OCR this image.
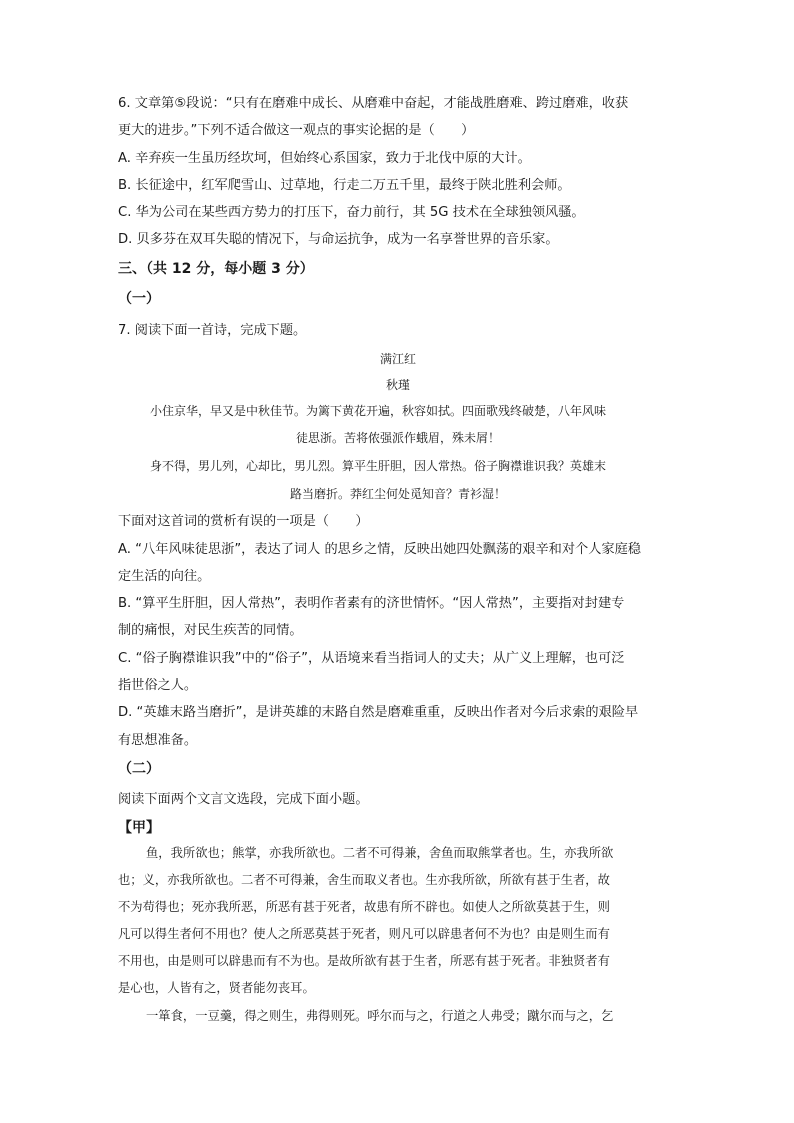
6. 文章第⑤段说：“只有在磨难中成长、从磨难中奋起，才能战胜磨难、跨过磨难，收获
更大的进步。”下列不适合做这一观点的事实论据的是（　　）
A. 辛弃疾一生虽历经坎坷，但始终心系国家，致力于北伐中原的大计。
B. 长征途中，红军爬雪山、过草地，行走二万五千里，最终于陕北胜利会师。
C. 华为公司在某些西方势力的打压下，奋力前行，其 5G 技术在全球独领风骚。
D. 贝多芬在双耳失聪的情况下，与命运抗争，成为一名享誉世界的音乐家。
三、（共 12 分，每小题 3 分）
（一）
7. 阅读下面一首诗，完成下题。
满江红
秋瑾
小住京华，早又是中秋佳节。为篱下黄花开遍，秋容如拭。四面歌残终破楚，八年风味
徒思浙。苦将侬强派作蛾眉，殊未屑！
身不得，男儿列，心却比，男儿烈。算平生肝胆，因人常热。俗子胸襟谁识我？英雄末
路当磨折。莽红尘何处觅知音？青衫湿！
下面对这首词的赏析有误的一项是（　　）
A. “八年风味徒思浙”，表达了词人 的思乡之情，反映出她四处飘荡的艰辛和对个人家庭稳
定生活的向往。
B. “算平生肝胆，因人常热”，表明作者素有的济世情怀。“因人常热”，主要指对封建专
制的痛恨，对民生疾苦的同情。
C. “俗子胸襟谁识我”中的“俗子”，从语境来看当指词人的丈夫；从广义上理解，也可泛
指世俗之人。
D. “英雄末路当磨折”，是讲英雄的末路自然是磨难重重，反映出作者对今后求索的艰险早
有思想准备。
（二）
阅读下面两个文言文选段，完成下面小题。
【甲】
鱼，我所欲也；熊掌，亦我所欲也。二者不可得兼，舍鱼而取熊掌者也。生，亦我所欲
也；义，亦我所欲也。二者不可得兼，舍生而取义者也。生亦我所欲，所欲有甚于生者，故
不为苟得也；死亦我所恶，所恶有甚于死者，故患有所不辟也。如使人之所欲莫甚于生，则
凡可以得生者何不用也？使人之所恶莫甚于死者，则凡可以辟患者何不为也？由是则生而有
不用也，由是则可以辟患而有不为也。是故所欲有甚于生者，所恶有甚于死者。非独贤者有
是心也，人皆有之，贤者能勿丧耳。
一箪食，一豆羹，得之则生，弗得则死。呼尔而与之，行道之人弗受；蹴尔而与之，乞
